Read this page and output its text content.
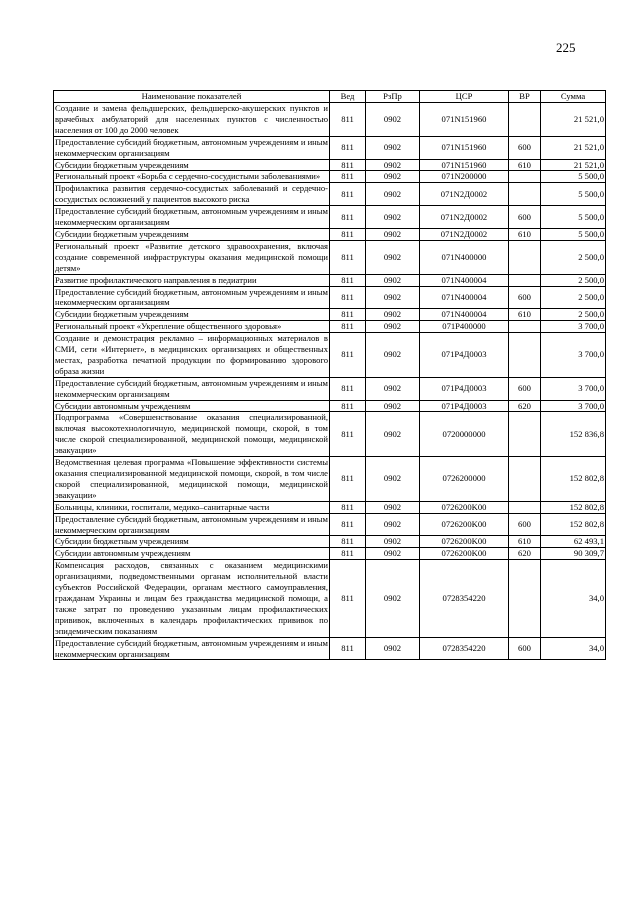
225
Наименование показателей	Вед	РзПр	ЦСР	ВР	Сумма
Создание и замена фельдшерских, фельдшерско-акушерских пунктов и врачебных амбулаторий для населенных пунктов с численностью населения от 100 до 2000 человек	811	0902	071N151960		21 521,0
Предоставление субсидий бюджетным, автономным учреждениям и иным некоммерческим организациям	811	0902	071N151960	600	21 521,0
Субсидии бюджетным учреждениям	811	0902	071N151960	610	21 521,0
Региональный проект «Борьба с сердечно-сосудистыми заболеваниями»	811	0902	071N200000		5 500,0
Профилактика развития сердечно-сосудистых заболеваний и сердечно-сосудистых осложнений у пациентов высокого риска	811	0902	071N2Д0002		5 500,0
Предоставление субсидий бюджетным, автономным учреждениям и иным некоммерческим организациям	811	0902	071N2Д0002	600	5 500,0
Субсидии бюджетным учреждениям	811	0902	071N2Д0002	610	5 500,0
Региональный проект «Развитие детского здравоохранения, включая создание современной инфраструктуры оказания медицинской помощи детям»	811	0902	071N400000		2 500,0
Развитие профилактического направления в педиатрии	811	0902	071N400004		2 500,0
Предоставление субсидий бюджетным, автономным учреждениям и иным некоммерческим организациям	811	0902	071N400004	600	2 500,0
Субсидии бюджетным учреждениям	811	0902	071N400004	610	2 500,0
Региональный проект «Укрепление общественного здоровья»	811	0902	071P400000		3 700,0
Создание и демонстрация рекламно – информационных материалов в СМИ, сети «Интернет», в медицинских организациях и общественных местах, разработка печатной продукции по формированию здорового образа жизни	811	0902	071P4Д0003		3 700,0
Предоставление субсидий бюджетным, автономным учреждениям и иным некоммерческим организациям	811	0902	071P4Д0003	600	3 700,0
Субсидии автономным учреждениям	811	0902	071P4Д0003	620	3 700,0
Подпрограмма «Совершенствование оказания специализированной, включая высокотехнологичную, медицинской помощи, скорой, в том числе скорой специализированной, медицинской помощи, медицинской эвакуации»	811	0902	0720000000		152 836,8
Ведомственная целевая программа «Повышение эффективности системы оказания специализированной медицинской помощи, скорой, в том числе скорой специализированной, медицинской помощи, медицинской эвакуации»	811	0902	0726200000		152 802,8
Больницы, клиники, госпитали, медико–санитарные части	811	0902	0726200K00		152 802,8
Предоставление субсидий бюджетным, автономным учреждениям и иным некоммерческим организациям	811	0902	0726200K00	600	152 802,8
Субсидии бюджетным учреждениям	811	0902	0726200K00	610	62 493,1
Субсидии автономным учреждениям	811	0902	0726200K00	620	90 309,7
Компенсация расходов, связанных с оказанием медицинскими организациями, подведомственными органам исполнительной власти субъектов Российской Федерации, органам местного самоуправления, гражданам Украины и лицам без гражданства медицинской помощи, а также затрат по проведению указанным лицам профилактических прививок, включенных в календарь профилактических прививок по эпидемическим показаниям	811	0902	0728354220		34,0
Предоставление субсидий бюджетным, автономным учреждениям и иным некоммерческим организациям	811	0902	0728354220	600	34,0
